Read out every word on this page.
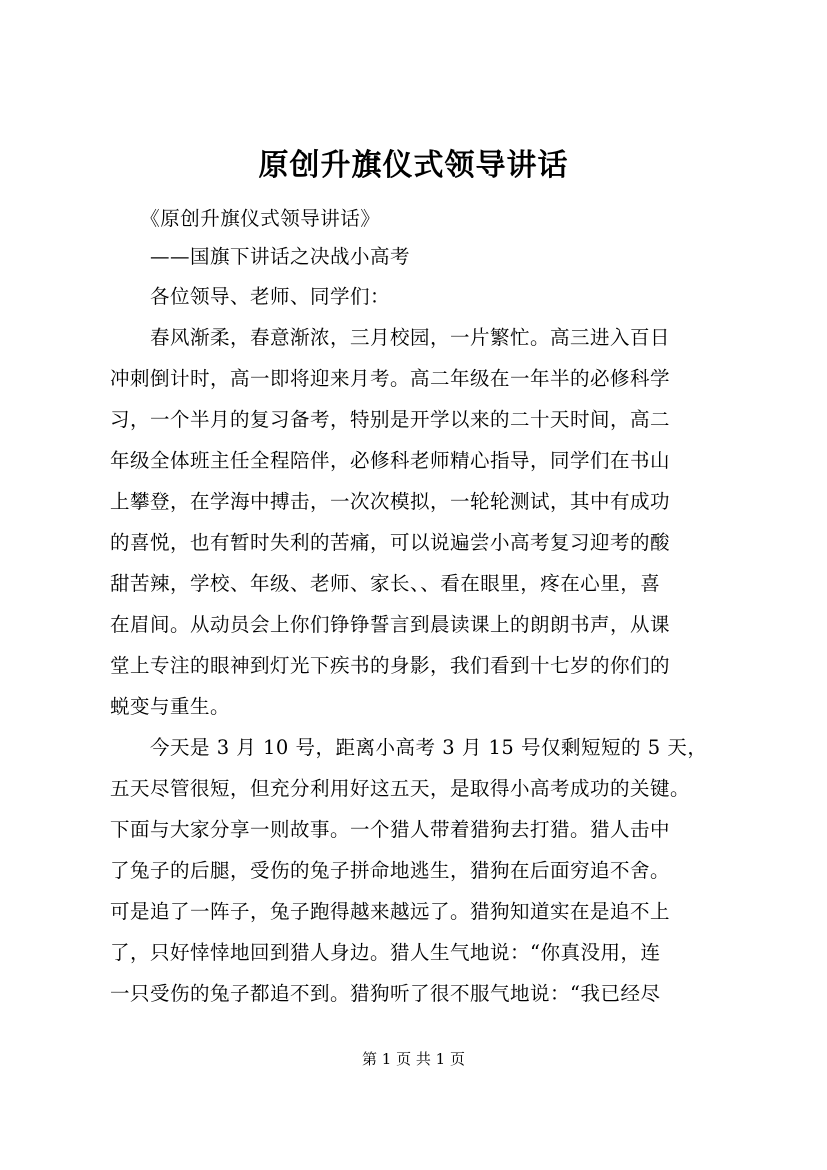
原创升旗仪式领导讲话
　　《原创升旗仪式领导讲话》
　　——国旗下讲话之决战小高考
　　各位领导、老师、同学们：
　　春风渐柔，春意渐浓，三月校园，一片繁忙。高三进入百日
冲刺倒计时，高一即将迎来月考。高二年级在一年半的必修科学
习，一个半月的复习备考，特别是开学以来的二十天时间，高二
年级全体班主任全程陪伴，必修科老师精心指导，同学们在书山
上攀登，在学海中搏击，一次次模拟，一轮轮测试，其中有成功
的喜悦，也有暂时失利的苦痛，可以说遍尝小高考复习迎考的酸
甜苦辣，学校、年级、老师、家长、、看在眼里，疼在心里，喜
在眉间。从动员会上你们铮铮誓言到晨读课上的朗朗书声，从课
堂上专注的眼神到灯光下疾书的身影，我们看到十七岁的你们的
蜕变与重生。
　　今天是 3 月 10 号，距离小高考 3 月 15 号仅剩短短的 5 天，
五天尽管很短，但充分利用好这五天，是取得小高考成功的关键。
下面与大家分享一则故事。一个猎人带着猎狗去打猎。猎人击中
了兔子的后腿，受伤的兔子拼命地逃生，猎狗在后面穷追不舍。
可是追了一阵子，兔子跑得越来越远了。猎狗知道实在是追不上
了，只好悻悻地回到猎人身边。猎人生气地说：“你真没用，连
一只受伤的兔子都追不到。猎狗听了很不服气地说：“我已经尽
第 1 页 共 1 页
